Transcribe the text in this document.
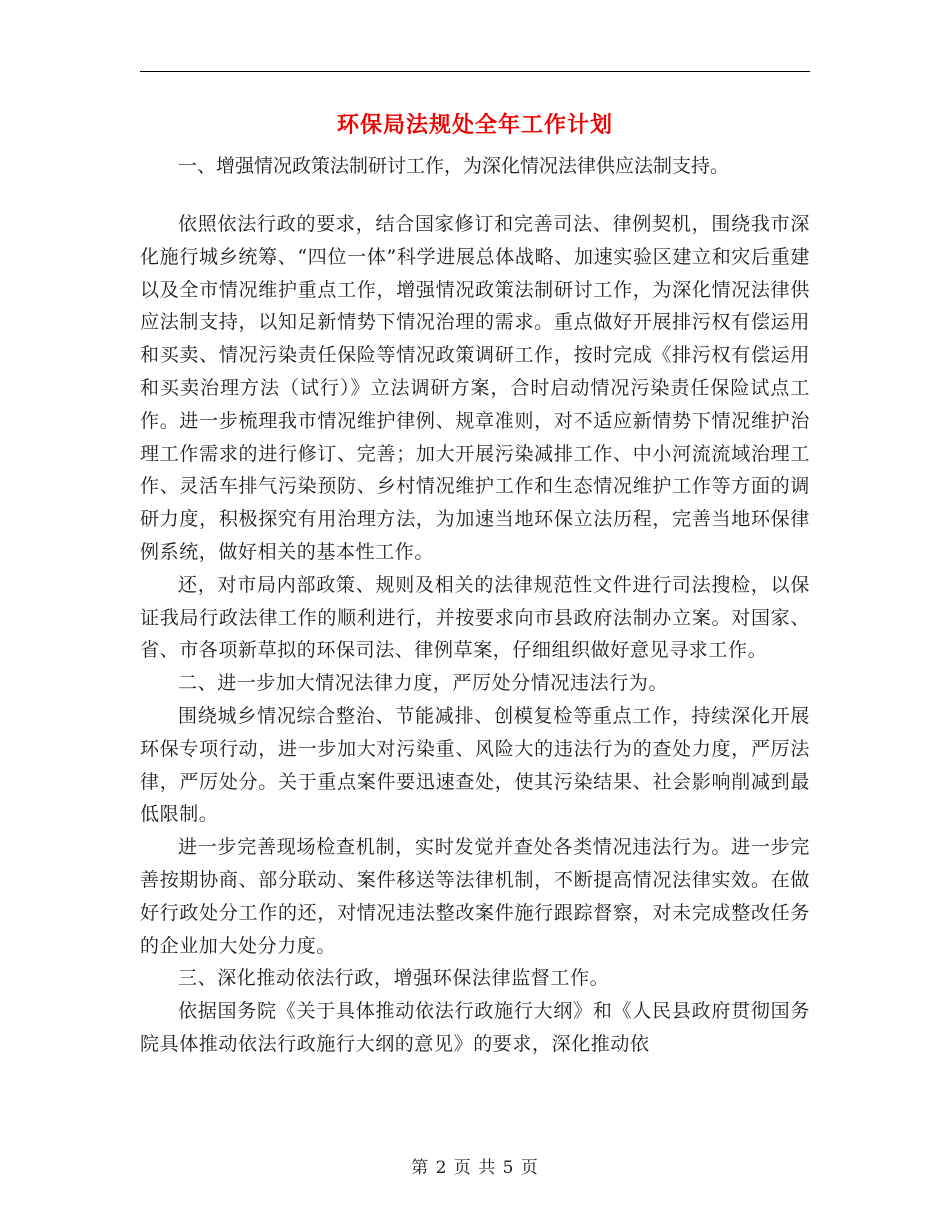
环保局法规处全年工作计划

一、增强情况政策法制研讨工作，为深化情况法律供应法制支持。

依照依法行政的要求，结合国家修订和完善司法、律例契机，围绕我市深化施行城乡统筹、“四位一体”科学进展总体战略、加速实验区建立和灾后重建以及全市情况维护重点工作，增强情况政策法制研讨工作，为深化情况法律供应法制支持，以知足新情势下情况治理的需求。重点做好开展排污权有偿运用和买卖、情况污染责任保险等情况政策调研工作，按时完成《排污权有偿运用和买卖治理方法（试行）》立法调研方案，合时启动情况污染责任保险试点工作。进一步梳理我市情况维护律例、规章准则，对不适应新情势下情况维护治理工作需求的进行修订、完善；加大开展污染减排工作、中小河流流域治理工作、灵活车排气污染预防、乡村情况维护工作和生态情况维护工作等方面的调研力度，积极探究有用治理方法，为加速当地环保立法历程，完善当地环保律例系统，做好相关的基本性工作。

还，对市局内部政策、规则及相关的法律规范性文件进行司法搜检，以保证我局行政法律工作的顺利进行，并按要求向市县政府法制办立案。对国家、省、市各项新草拟的环保司法、律例草案，仔细组织做好意见寻求工作。

二、进一步加大情况法律力度，严厉处分情况违法行为。

围绕城乡情况综合整治、节能减排、创模复检等重点工作，持续深化开展环保专项行动，进一步加大对污染重、风险大的违法行为的查处力度，严厉法律，严厉处分。关于重点案件要迅速查处，使其污染结果、社会影响削减到最低限制。

进一步完善现场检查机制，实时发觉并查处各类情况违法行为。进一步完善按期协商、部分联动、案件移送等法律机制，不断提高情况法律实效。在做好行政处分工作的还，对情况违法整改案件施行跟踪督察，对未完成整改任务的企业加大处分力度。

三、深化推动依法行政，增强环保法律监督工作。

依据国务院《关于具体推动依法行政施行大纲》和《人民县政府贯彻国务院具体推动依法行政施行大纲的意见》的要求，深化推动依

第 2 页 共 5 页
